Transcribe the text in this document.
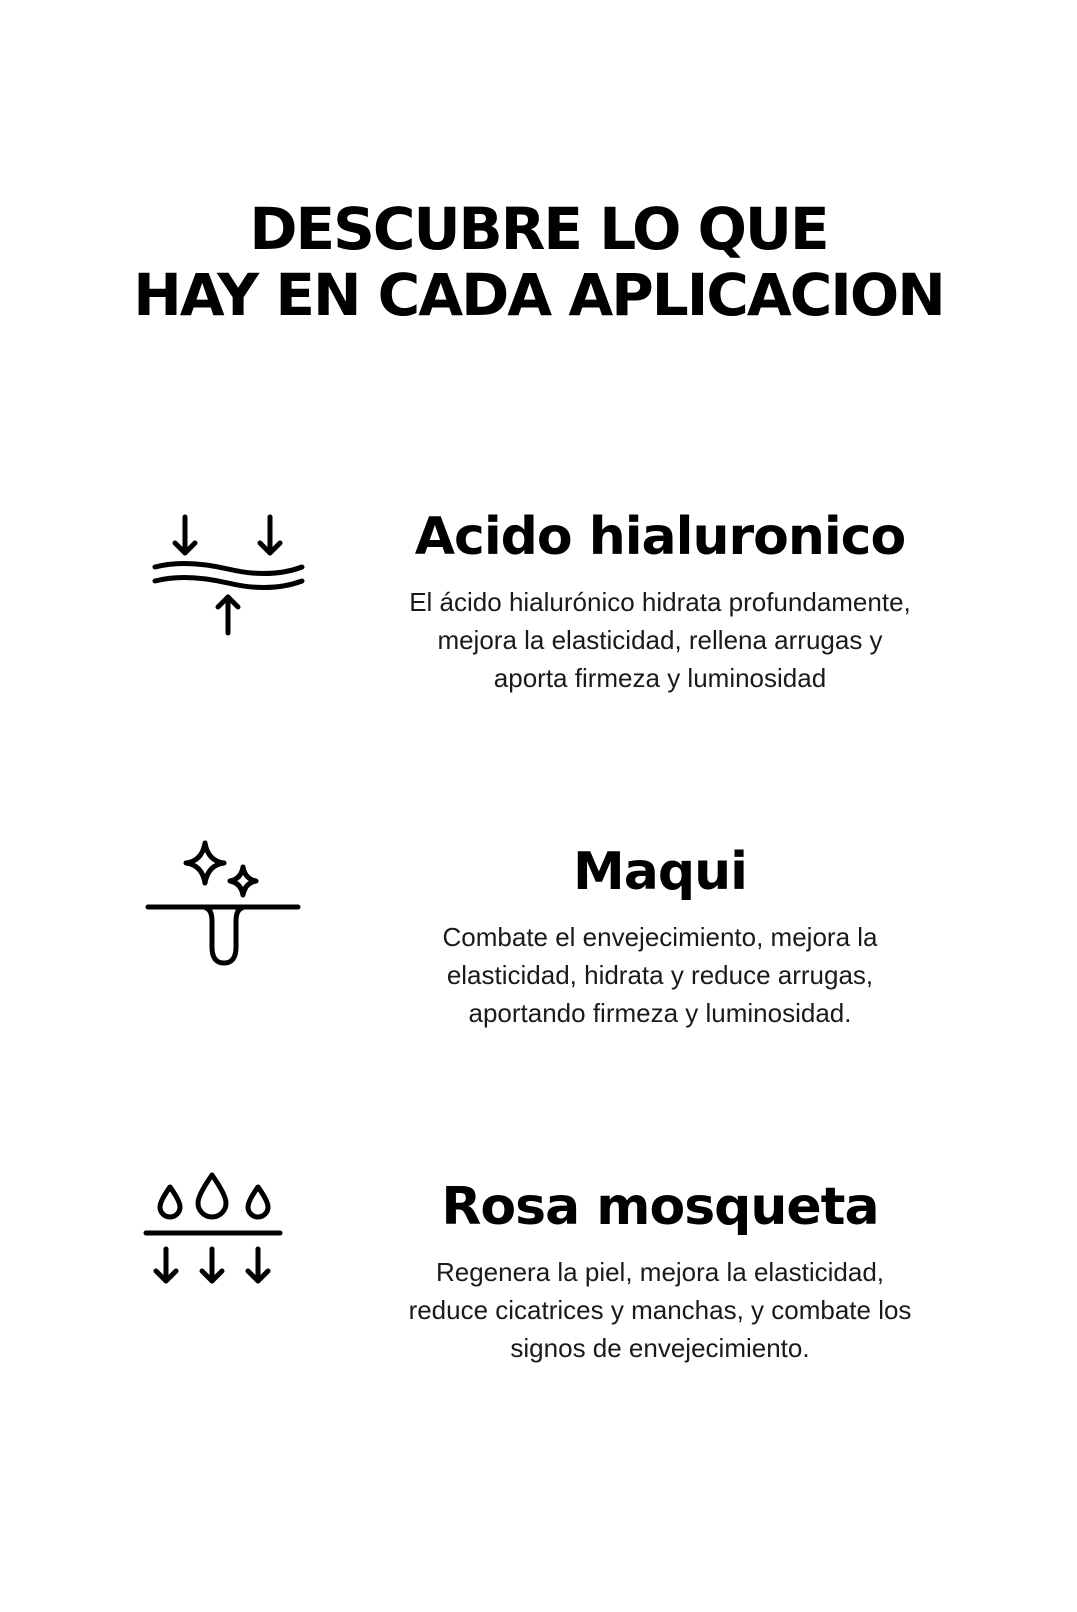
DESCUBRE LO QUE
HAY EN CADA APLICACION
Acido hialuronico

El ácido hialurónico hidrata profundamente, mejora la elasticidad, rellena arrugas y aporta firmeza y luminosidad

Maqui

Combate el envejecimiento, mejora la elasticidad, hidrata y reduce arrugas, aportando firmeza y luminosidad.

Rosa mosqueta

Regenera la piel, mejora la elasticidad, reduce cicatrices y manchas, y combate los signos de envejecimiento.
